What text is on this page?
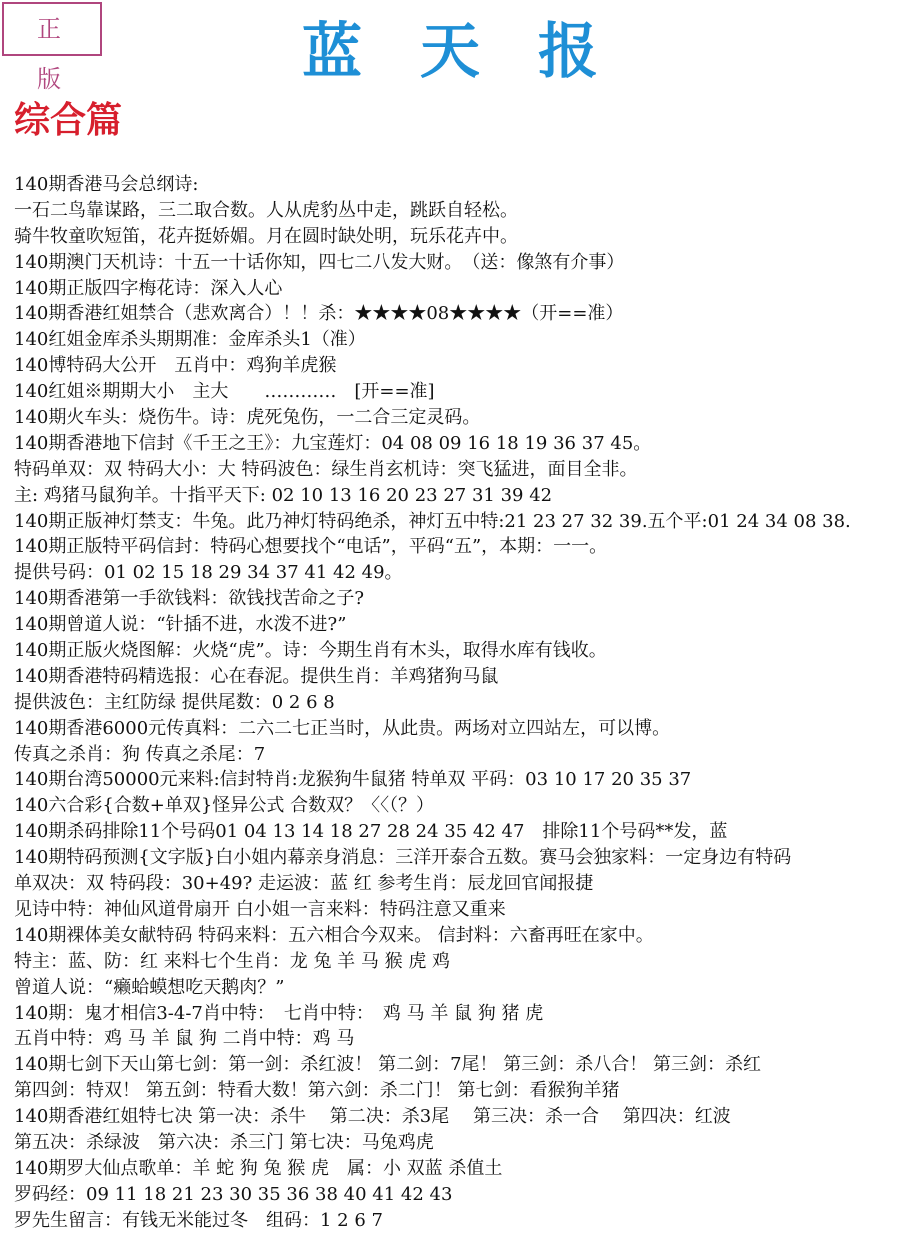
正 版	蓝天报
综合篇
140期香港马会总纲诗:
一石二鸟靠谋路，三二取合数。人从虎豹丛中走，跳跃自轻松。
骑牛牧童吹短笛，花卉挺娇媚。月在圆时缺处明，玩乐花卉中。
140期澳门天机诗：十五一十话你知，四七二八发大财。　（送：像煞有介事）
140期正版四字梅花诗：深入人心
140期香港红姐禁合（悲欢离合）！！杀：★★★★08★★★★（开==准）
140红姐金库杀头期期准：金库杀头1（准）
140博特码大公开　五肖中：鸡狗羊虎猴
140红姐※期期大小　主大　　…………　[开==准]
140期火车头：烧伤牛。诗：虎死兔伤，一二合三定灵码。
140期香港地下信封《千王之王》：九宝莲灯：04 08 09 16 18 19 36 37 45。
特码单双：双 特码大小：大 特码波色：绿生肖玄机诗：突飞猛进，面目全非。
主: 鸡猪马鼠狗羊。十指平天下: 02 10 13 16 20 23 27 31 39 42
140期正版神灯禁支：牛兔。此乃神灯特码绝杀，神灯五中特:21 23 27 32 39.五个平:01 24 34 08 38.
140期正版特平码信封：特码心想要找个“电话”，平码“五”，本期：一一。
提供号码：01 02 15 18 29 34 37 41 42 49。
140期香港第一手欲钱料：欲钱找苦命之子?
140期曾道人说：“针插不进，水泼不进?”
140期正版火烧图解：火烧“虎”。诗：今期生肖有木头，取得水库有钱收。
140期香港特码精选报：心在春泥。提供生肖：羊鸡猪狗马鼠
提供波色：主红防绿 提供尾数：0 2 6 8
140期香港6000元传真料：二六二七正当时，从此贵。两场对立四站左，可以博。
传真之杀肖：狗 传真之杀尾：7
140期台湾50000元来料:信封特肖:龙猴狗牛鼠猪 特单双 平码：03 10 17 20 35 37
140六合彩{合数+单双}怪异公式 合数双？〈〈（？）
140期杀码排除11个号码01 04 13 14 18 27 28 24 35 42 47　排除11个号码**发，蓝
140期特码预测{文字版}白小姐内幕亲身消息：三洋开泰合五数。赛马会独家料：一定身边有特码
单双决：双 特码段：30+49? 走运波：蓝 红 参考生肖：辰龙回官闻报捷
见诗中特：神仙风道骨扇开 白小姐一言来料：特码注意又重来
140期裸体美女献特码 特码来料：五六相合今双来。 信封料：六畜再旺在家中。
特主：蓝、防：红 来料七个生肖：龙 兔 羊 马 猴 虎 鸡
曾道人说：“癞蛤蟆想吃天鹅肉？”
140期：鬼才相信3-4-7肖中特：　七肖中特：　鸡 马 羊 鼠 狗 猪 虎
五肖中特：鸡 马 羊 鼠 狗 二肖中特：鸡 马
140期七剑下天山第七剑：第一剑：杀红波！ 第二剑：7尾！ 第三剑：杀八合！ 第三剑：杀红
第四剑：特双！ 第五剑：特看大数！第六剑：杀二门！ 第七剑：看猴狗羊猪
140期香港红姐特七决 第一决：杀牛　 第二决：杀3尾　 第三决：杀一合　 第四决：红波
第五决：杀绿波　第六决：杀三门 第七决：马兔鸡虎
140期罗大仙点歌单：羊 蛇 狗 兔 猴 虎　属：小 双蓝 杀值土
罗码经：09 11 18 21 23 30 35 36 38 40 41 42 43
罗先生留言：有钱无米能过冬　组码：1 2 6 7
